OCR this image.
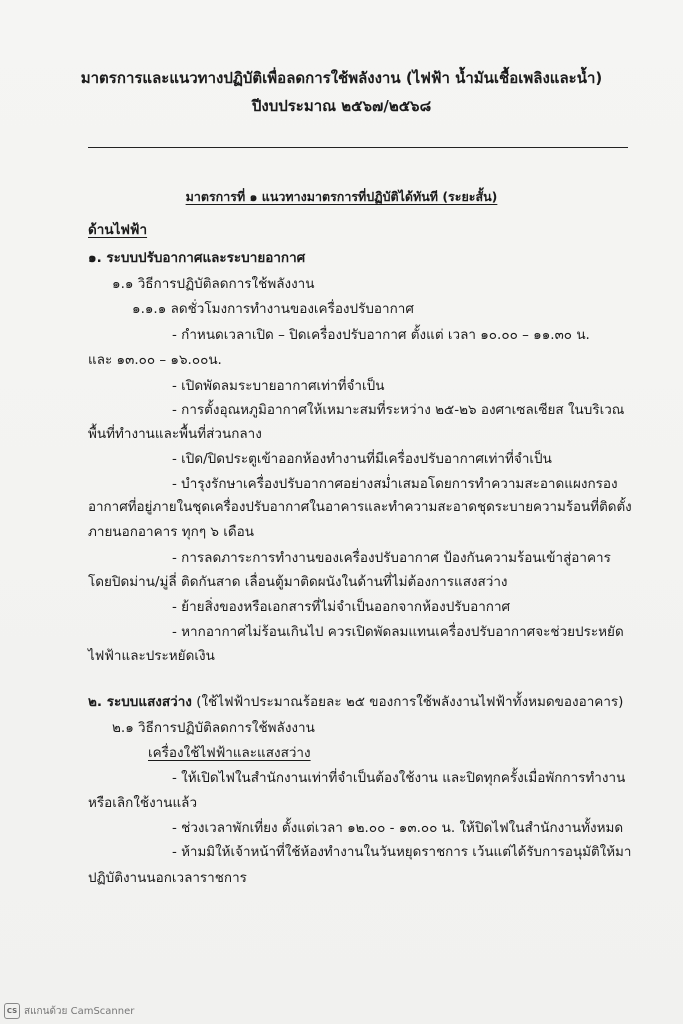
มาตรการและแนวทางปฏิบัติเพื่อลดการใช้พลังงาน (ไฟฟ้า น้ำมันเชื้อเพลิงและน้ำ)
ปีงบประมาณ ๒๕๖๗/๒๕๖๘
มาตรการที่ ๑ แนวทางมาตรการที่ปฏิบัติได้ทันที (ระยะสั้น)
ด้านไฟฟ้า
๑. ระบบปรับอากาศและระบายอากาศ
๑.๑ วิธีการปฏิบัติลดการใช้พลังงาน
๑.๑.๑ ลดชั่วโมงการทำงานของเครื่องปรับอากาศ
- กำหนดเวลาเปิด – ปิดเครื่องปรับอากาศ ตั้งแต่ เวลา ๑๐.๐๐ – ๑๑.๓๐ น.
และ ๑๓.๐๐ – ๑๖.๐๐น.
- เปิดพัดลมระบายอากาศเท่าที่จำเป็น
- การตั้งอุณหภูมิอากาศให้เหมาะสมที่ระหว่าง ๒๕-๒๖ องศาเซลเซียส ในบริเวณ
พื้นที่ทำงานและพื้นที่ส่วนกลาง
- เปิด/ปิดประตูเข้าออกห้องทำงานที่มีเครื่องปรับอากาศเท่าที่จำเป็น
- บำรุงรักษาเครื่องปรับอากาศอย่างสม่ำเสมอโดยการทำความสะอาดแผงกรอง
อากาศที่อยู่ภายในชุดเครื่องปรับอากาศในอาคารและทำความสะอาดชุดระบายความร้อนที่ติดตั้ง
ภายนอกอาคาร ทุกๆ ๖ เดือน
- การลดภาระการทำงานของเครื่องปรับอากาศ ป้องกันความร้อนเข้าสู่อาคาร
โดยปิดม่าน/มู่ลี่ ติดกันสาด เลื่อนตู้มาติดผนังในด้านที่ไม่ต้องการแสงสว่าง
- ย้ายสิ่งของหรือเอกสารที่ไม่จำเป็นออกจากห้องปรับอากาศ
- หากอากาศไม่ร้อนเกินไป ควรเปิดพัดลมแทนเครื่องปรับอากาศจะช่วยประหยัด
ไฟฟ้าและประหยัดเงิน
๒. ระบบแสงสว่าง (ใช้ไฟฟ้าประมาณร้อยละ ๒๕ ของการใช้พลังงานไฟฟ้าทั้งหมดของอาคาร)
๒.๑ วิธีการปฏิบัติลดการใช้พลังงาน
เครื่องใช้ไฟฟ้าและแสงสว่าง
- ให้เปิดไฟในสำนักงานเท่าที่จำเป็นต้องใช้งาน และปิดทุกครั้งเมื่อพักการทำงาน
หรือเลิกใช้งานแล้ว
- ช่วงเวลาพักเที่ยง ตั้งแต่เวลา ๑๒.๐๐ - ๑๓.๐๐ น. ให้ปิดไฟในสำนักงานทั้งหมด
- ห้ามมิให้เจ้าหน้าที่ใช้ห้องทำงานในวันหยุดราชการ เว้นแต่ได้รับการอนุมัติให้มา
ปฏิบัติงานนอกเวลาราชการ
CS สแกนด้วย CamScanner
